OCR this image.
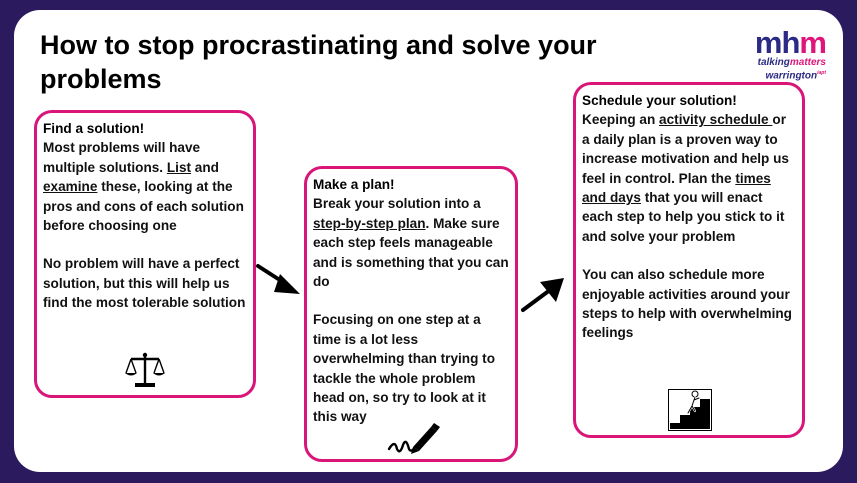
How to stop procrastinating and solve your problems
mhm
talkingmatters
warrington$^{iapt}$
Find a solution!

Most problems will have multiple solutions. List and examine these, looking at the pros and cons of each solution before choosing one

No problem will have a perfect solution, but this will help us find the most tolerable solution

Make a plan!

Break your solution into a step-by-step plan. Make sure each step feels manageable and is something that you can do

Focusing on one step at a time is a lot less overwhelming than trying to tackle the whole problem head on, so try to look at it this way

Schedule your solution!

Keeping an activity schedule or a daily plan is a proven way to increase motivation and help us feel in control. Plan the times and days that you will enact each step to help you stick to it and solve your problem

You can also schedule more enjoyable activities around your steps to help with overwhelming feelings
